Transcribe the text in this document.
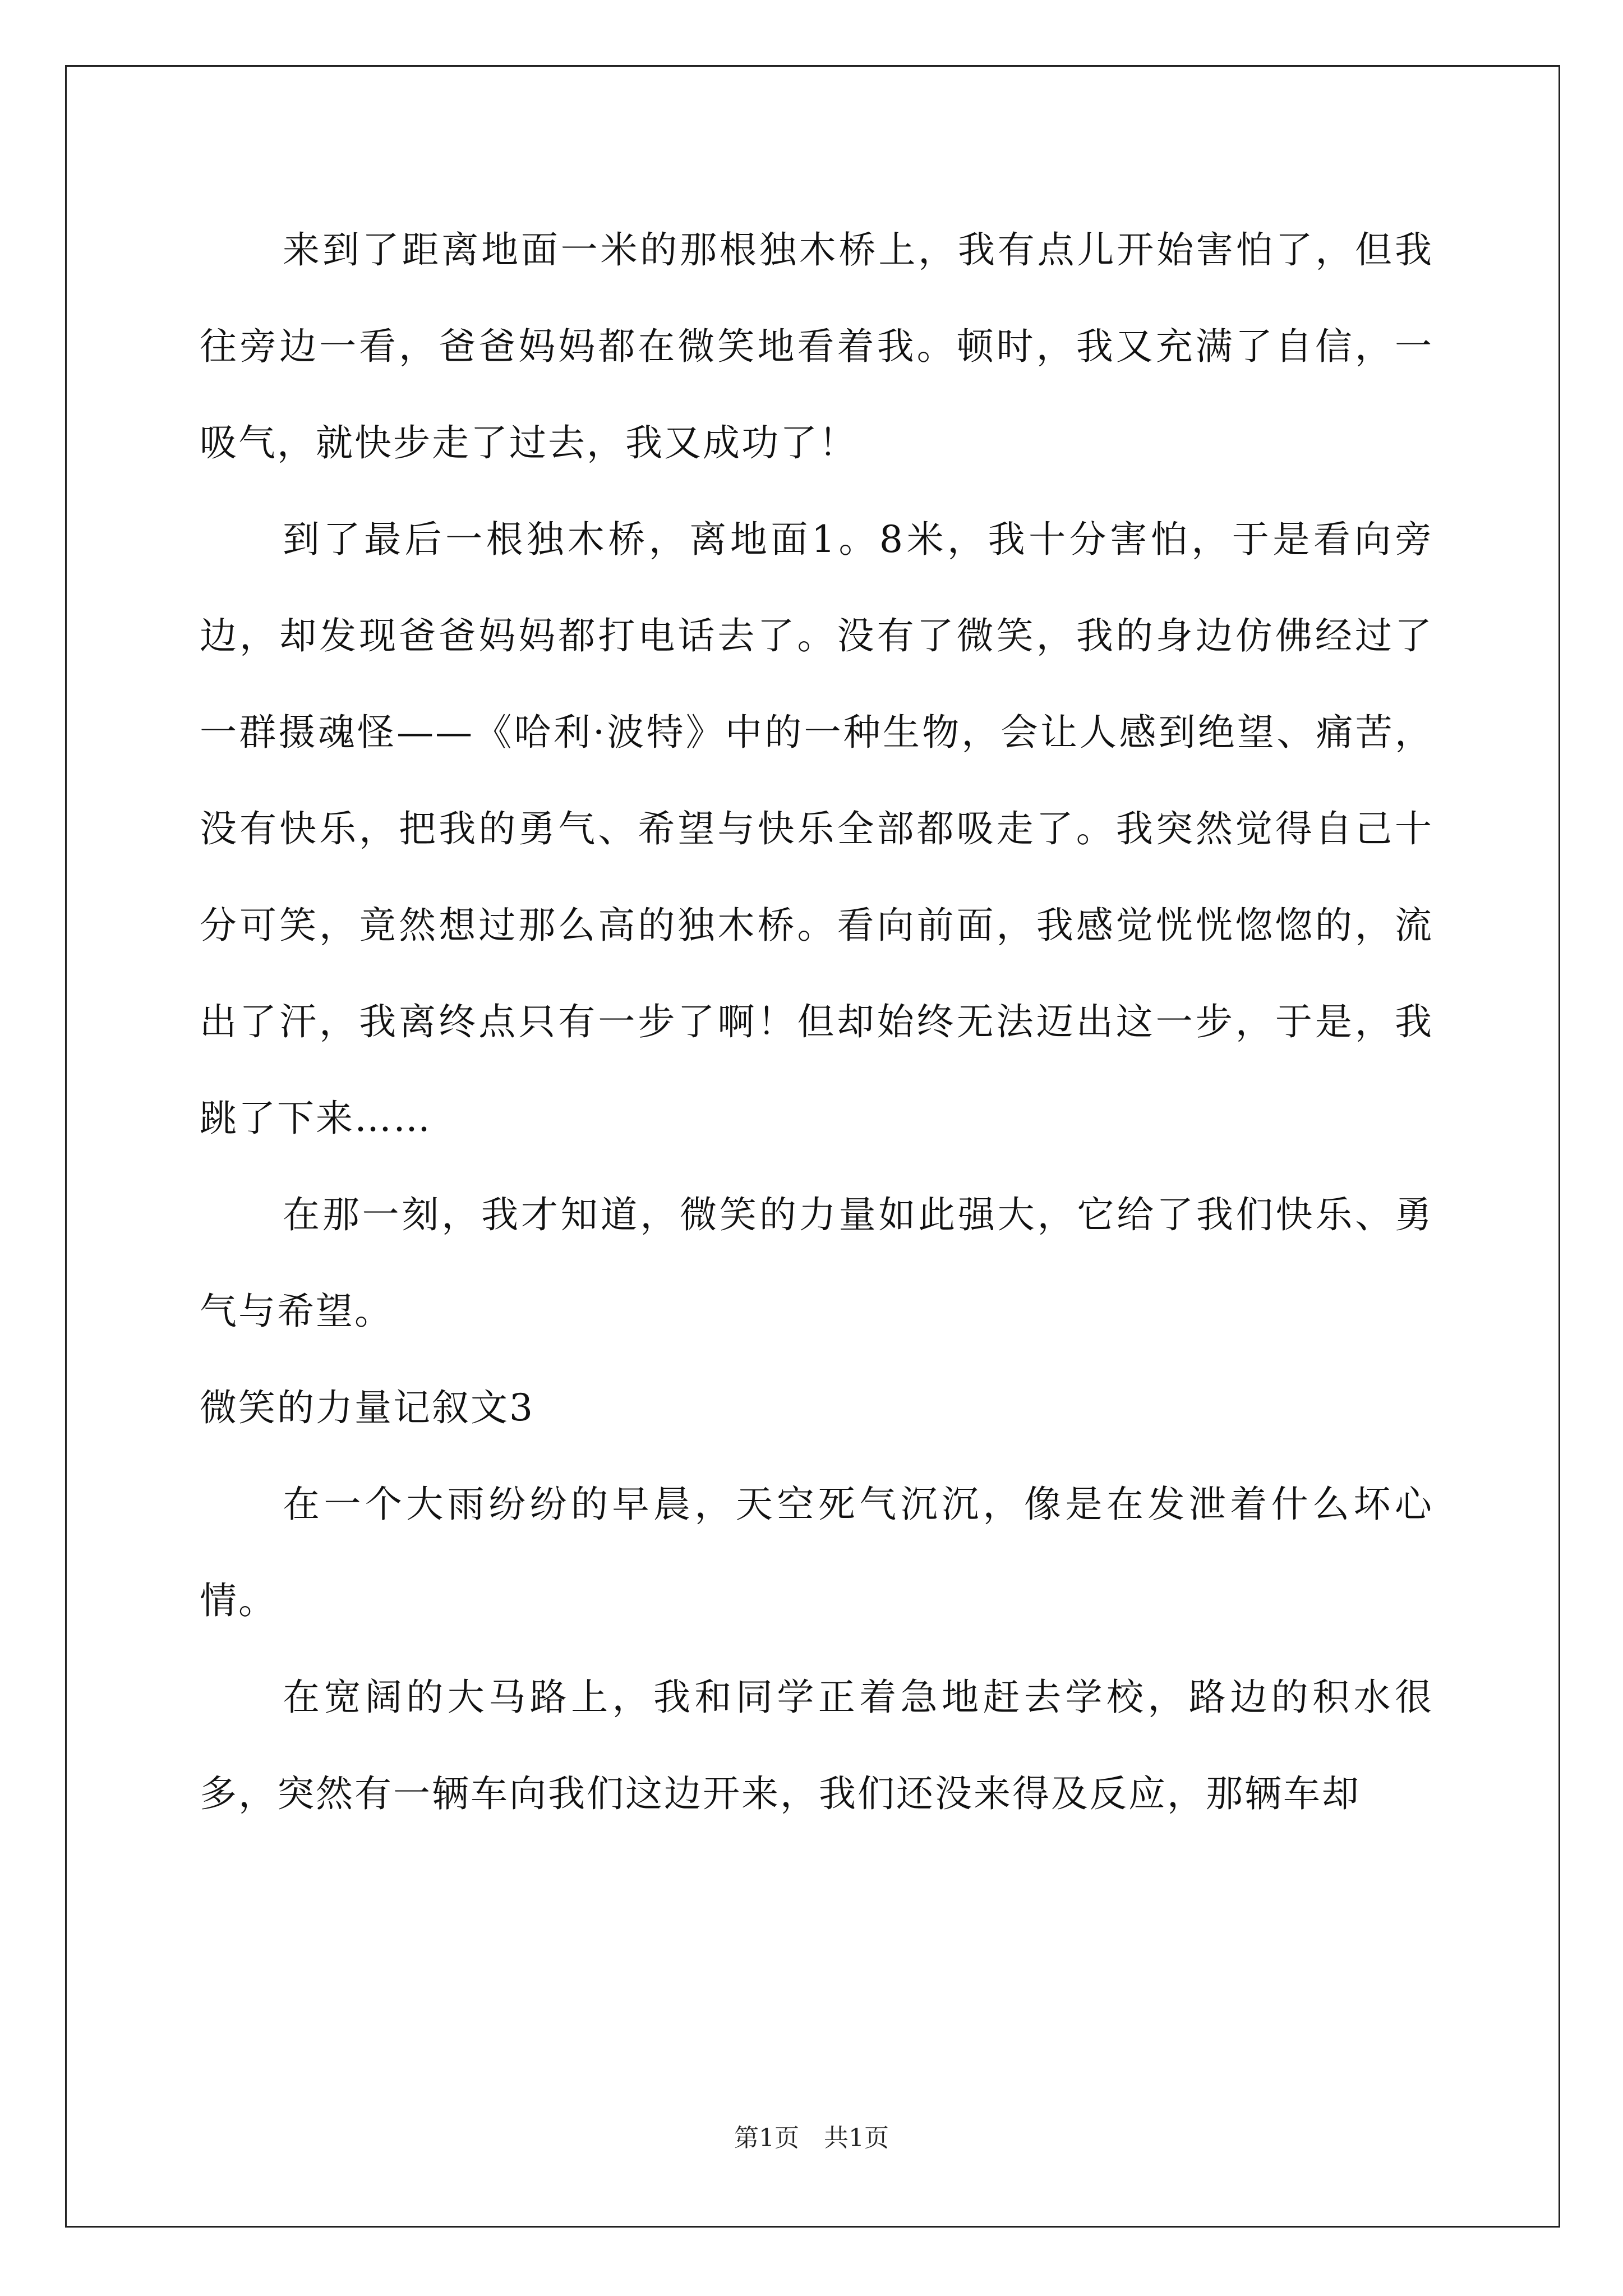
来到了距离地面一米的那根独木桥上，我有点儿开始害怕了，但我往旁边一看，爸爸妈妈都在微笑地看着我。顿时，我又充满了自信，一吸气，就快步走了过去，我又成功了！

到了最后一根独木桥，离地面1。8米，我十分害怕，于是看向旁边，却发现爸爸妈妈都打电话去了。没有了微笑，我的身边仿佛经过了一群摄魂怪——《哈利·波特》中的一种生物，会让人感到绝望、痛苦，没有快乐，把我的勇气、希望与快乐全部都吸走了。我突然觉得自己十分可笑，竟然想过那么高的独木桥。看向前面，我感觉恍恍惚惚的，流出了汗，我离终点只有一步了啊！但却始终无法迈出这一步，于是，我跳了下来……

在那一刻，我才知道，微笑的力量如此强大，它给了我们快乐、勇气与希望。

微笑的力量记叙文3

在一个大雨纷纷的早晨，天空死气沉沉，像是在发泄着什么坏心情。

在宽阔的大马路上，我和同学正着急地赶去学校，路边的积水很多，突然有一辆车向我们这边开来，我们还没来得及反应，那辆车却

第1页　共1页
